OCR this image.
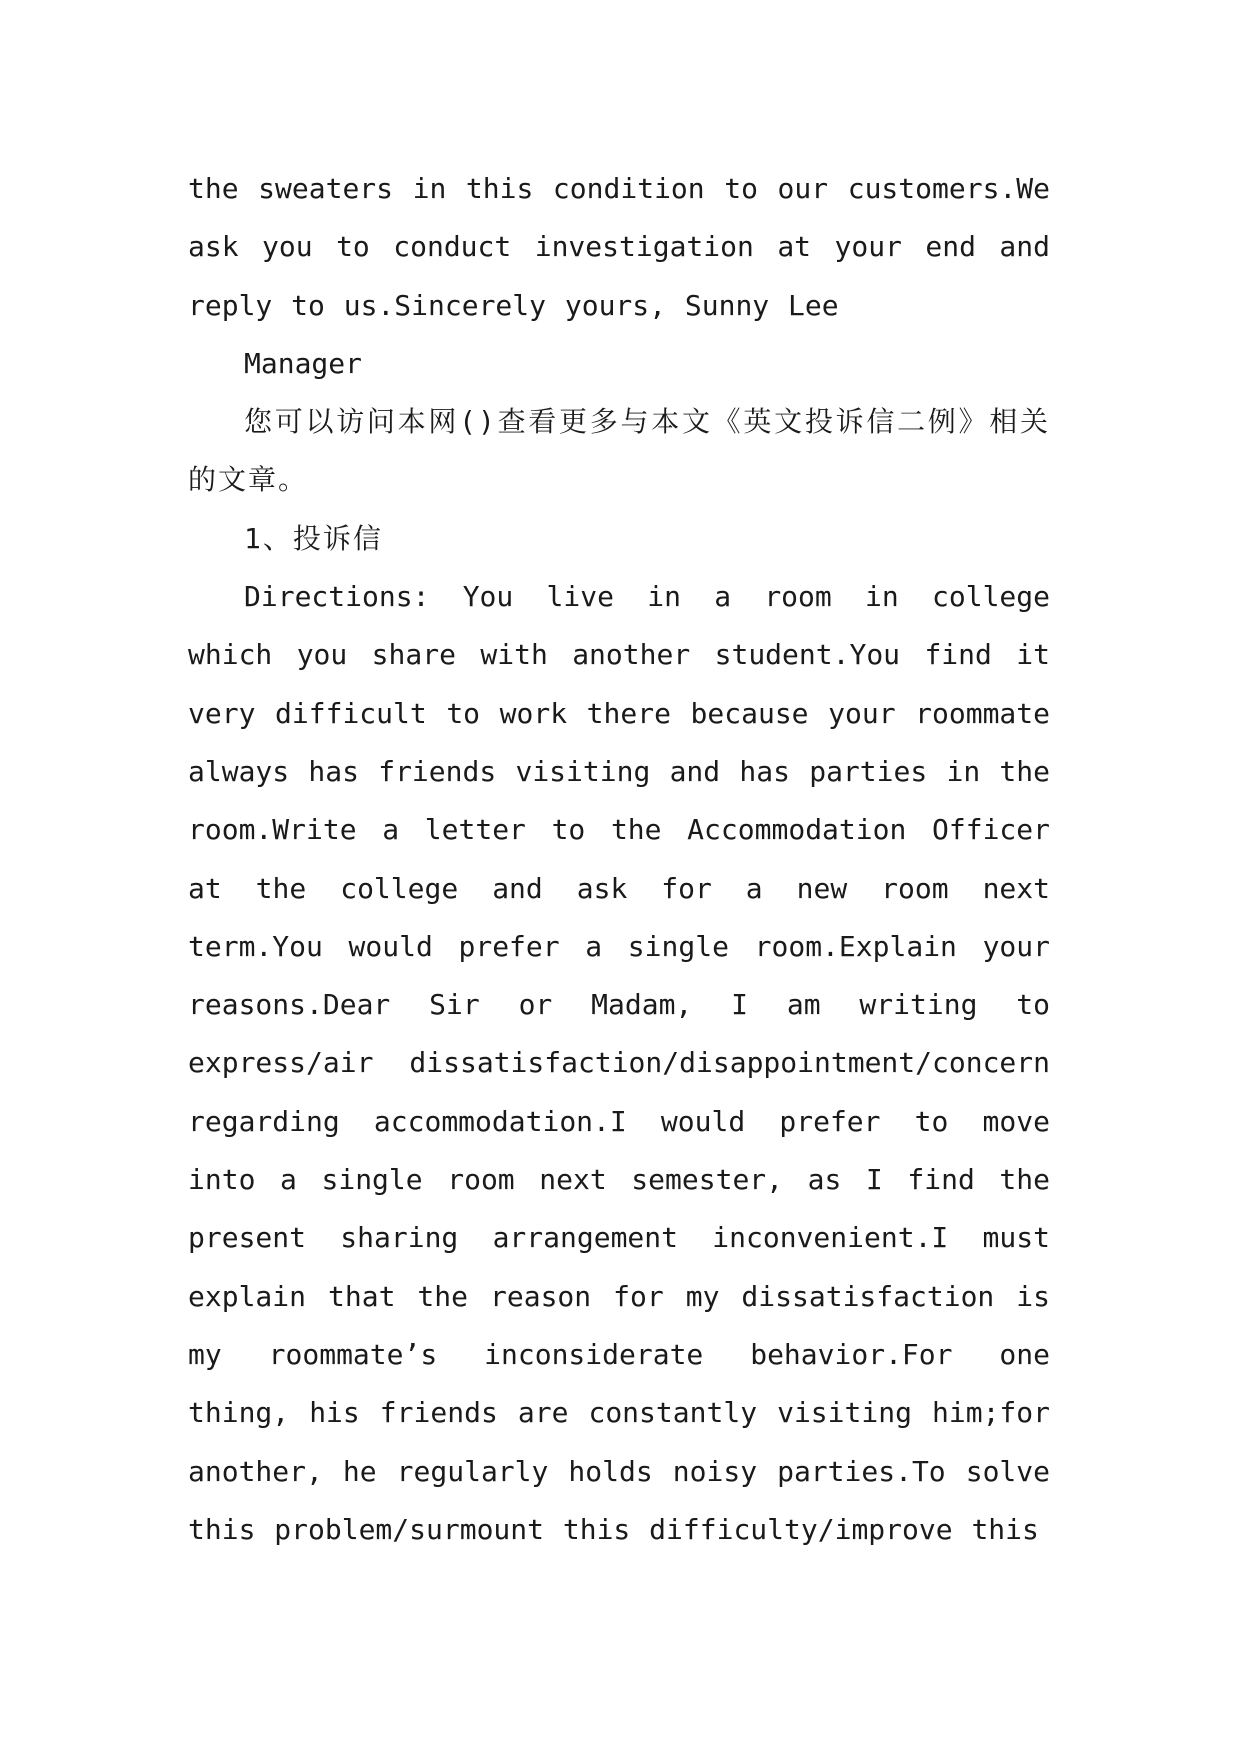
the sweaters in this condition to our customers.We ask you to conduct investigation at your end and reply to us.Sincerely yours, Sunny Lee

Manager

您可以访问本网()查看更多与本文《英文投诉信二例》相关的文章。

1、投诉信

Directions: You live in a room in college which you share with another student.You find it very difficult to work there because your roommate always has friends visiting and has parties in the room.Write a letter to the Accommodation Officer at the college and ask for a new room next term.You would prefer a single room.Explain your reasons.Dear Sir or Madam, I am writing to express/air dissatisfaction/disappointment/concern regarding accommodation.I would prefer to move into a single room next semester, as I find the present sharing arrangement inconvenient.I must explain that the reason for my dissatisfaction is my roommate’s inconsiderate behavior.For one thing, his friends are constantly visiting him;for another, he regularly holds noisy parties.To solve this problem/surmount this difficulty/improve this
